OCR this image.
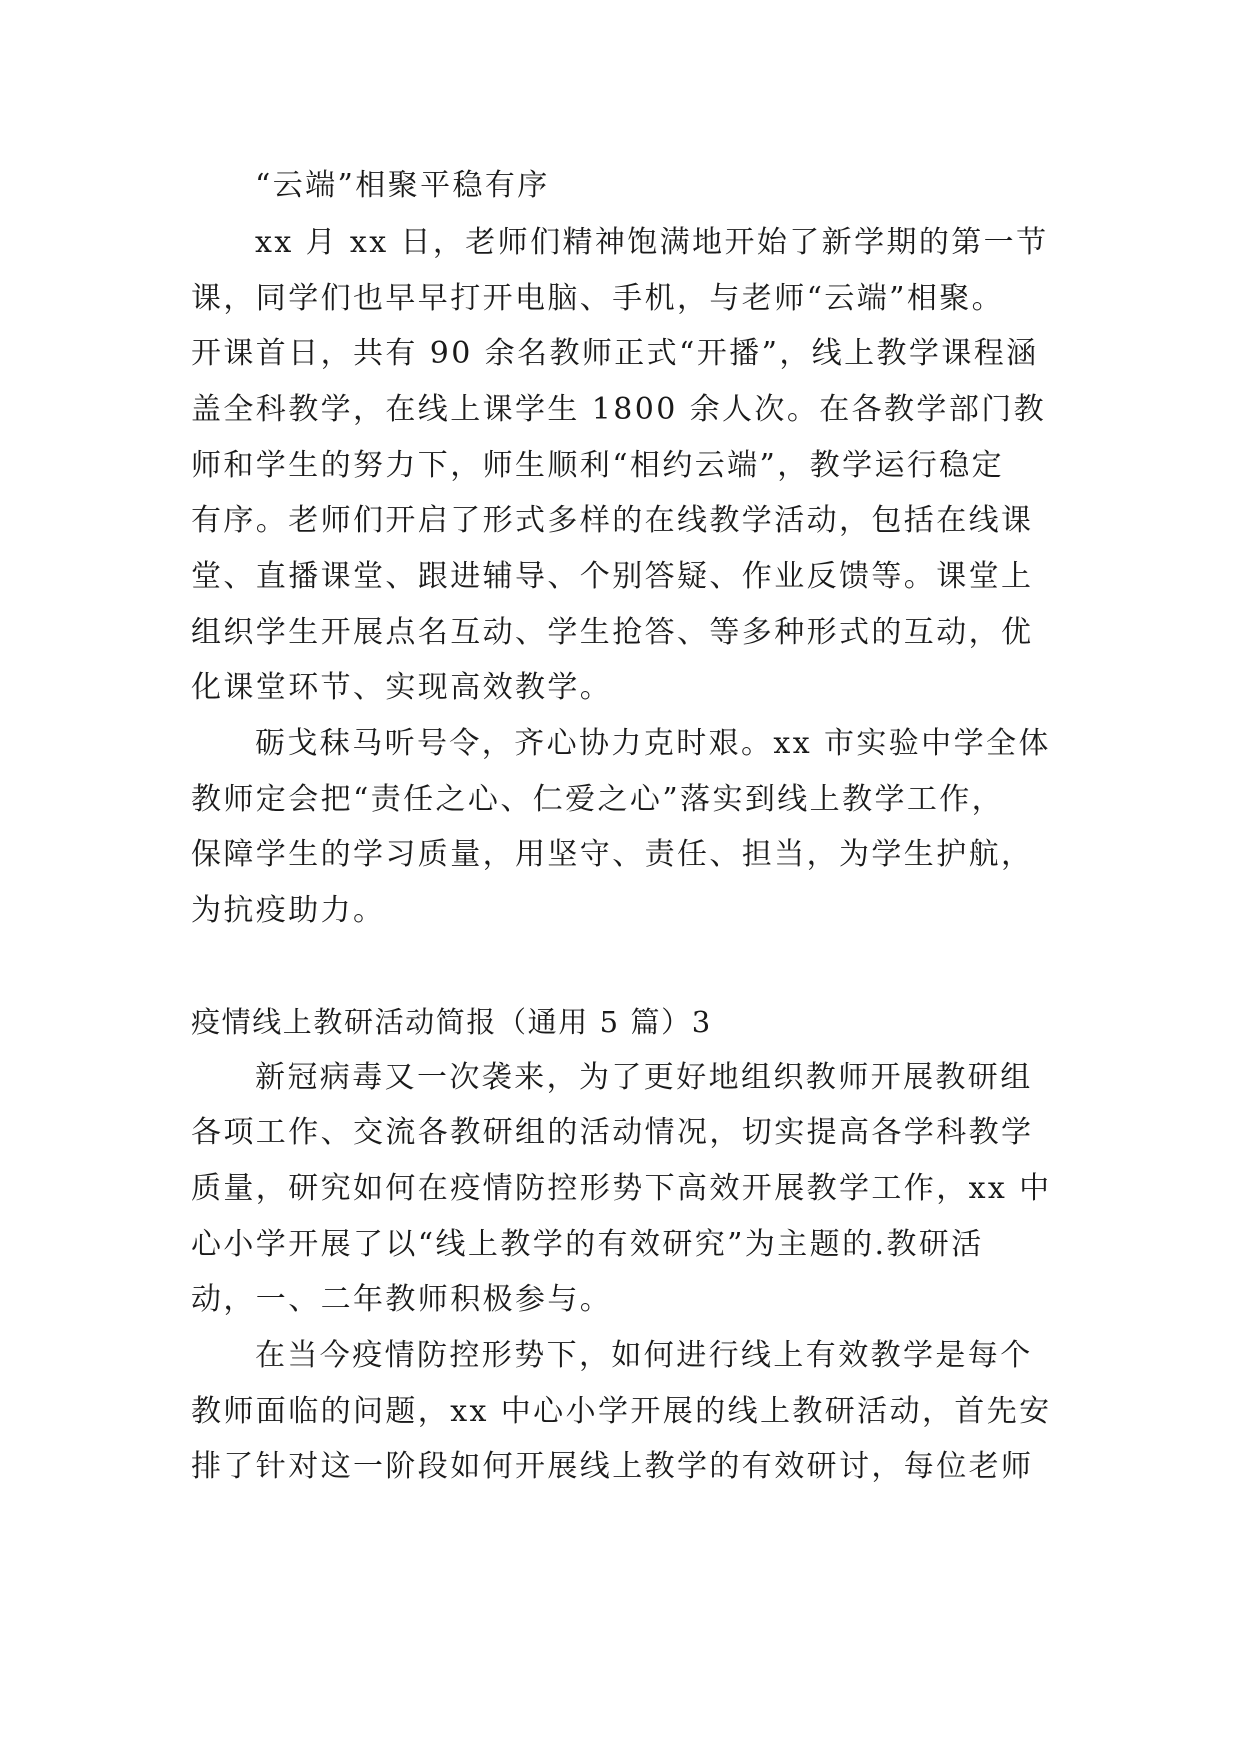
“云端”相聚平稳有序
xx 月 xx 日，老师们精神饱满地开始了新学期的第一节
课，同学们也早早打开电脑、手机，与老师“云端”相聚。
开课首日，共有 90 余名教师正式“开播”，线上教学课程涵
盖全科教学，在线上课学生 1800 余人次。在各教学部门教
师和学生的努力下，师生顺利“相约云端”，教学运行稳定
有序。老师们开启了形式多样的在线教学活动，包括在线课
堂、直播课堂、跟进辅导、个别答疑、作业反馈等。课堂上
组织学生开展点名互动、学生抢答、等多种形式的互动，优
化课堂环节、实现高效教学。
砺戈秣马听号令，齐心协力克时艰。xx 市实验中学全体
教师定会把“责任之心、仁爱之心”落实到线上教学工作，
保障学生的学习质量，用坚守、责任、担当，为学生护航，
为抗疫助力。
疫情线上教研活动简报（通用 5 篇）3
新冠病毒又一次袭来，为了更好地组织教师开展教研组
各项工作、交流各教研组的活动情况，切实提高各学科教学
质量，研究如何在疫情防控形势下高效开展教学工作，xx 中
心小学开展了以“线上教学的有效研究”为主题的.教研活
动，一、二年教师积极参与。
在当今疫情防控形势下，如何进行线上有效教学是每个
教师面临的问题，xx 中心小学开展的线上教研活动，首先安
排了针对这一阶段如何开展线上教学的有效研讨，每位老师
